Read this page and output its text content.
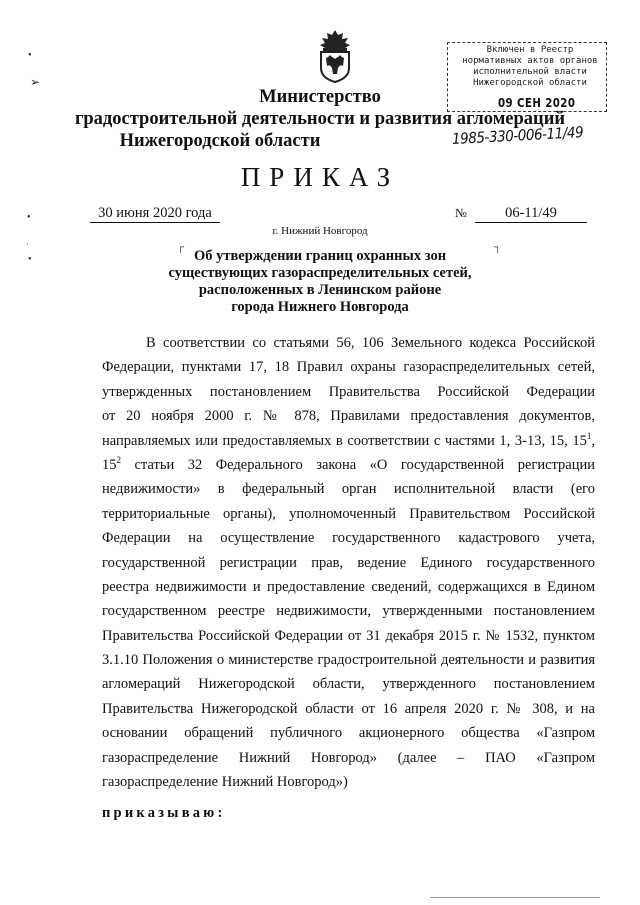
Включен в Реестр
нормативных актов органов
исполнительной власти
Нижегородской области
09 СЕН 2020
1985-330-006-11/49
Министерство
градостроительной деятельности и развития агломераций
Нижегородской области
ПРИКАЗ
30 июня 2020 года	№	06-11/49
г. Нижний Новгород
┌	┐
Об утверждении границ охранных зон
существующих газораспределительных сетей,
расположенных в Ленинском районе
города Нижнего Новгорода
В соответствии со статьями 56, 106 Земельного кодекса Российской
Федерации, пунктами 17, 18 Правил охраны газораспределительных сетей,
утвержденных постановлением Правительства Российской Федерации
от 20 ноября 2000 г. № 878, Правилами предоставления документов,
направляемых или предоставляемых в соответствии с частями 1, 3-13, 15, $15^1$,
$15^2$ статьи 32 Федерального закона «О государственной регистрации
недвижимости» в федеральный орган исполнительной власти (его
территориальные органы), уполномоченный Правительством Российской
Федерации на осуществление государственного кадастрового учета,
государственной регистрации прав, ведение Единого государственного
реестра недвижимости и предоставление сведений, содержащихся в Едином
государственном реестре недвижимости, утвержденными постановлением
Правительства Российской Федерации от 31 декабря 2015 г. № 1532, пунктом
3.1.10 Положения о министерстве градостроительной деятельности и развития
агломераций Нижегородской области, утвержденного постановлением
Правительства Нижегородской области от 16 апреля 2020 г. № 308, и на
основании обращений публичного акционерного общества «Газпром
газораспределение Нижний Новгород» (далее – ПАО «Газпром
газораспределение Нижний Новгород»)
приказываю:
•
➢
•
‧
•
